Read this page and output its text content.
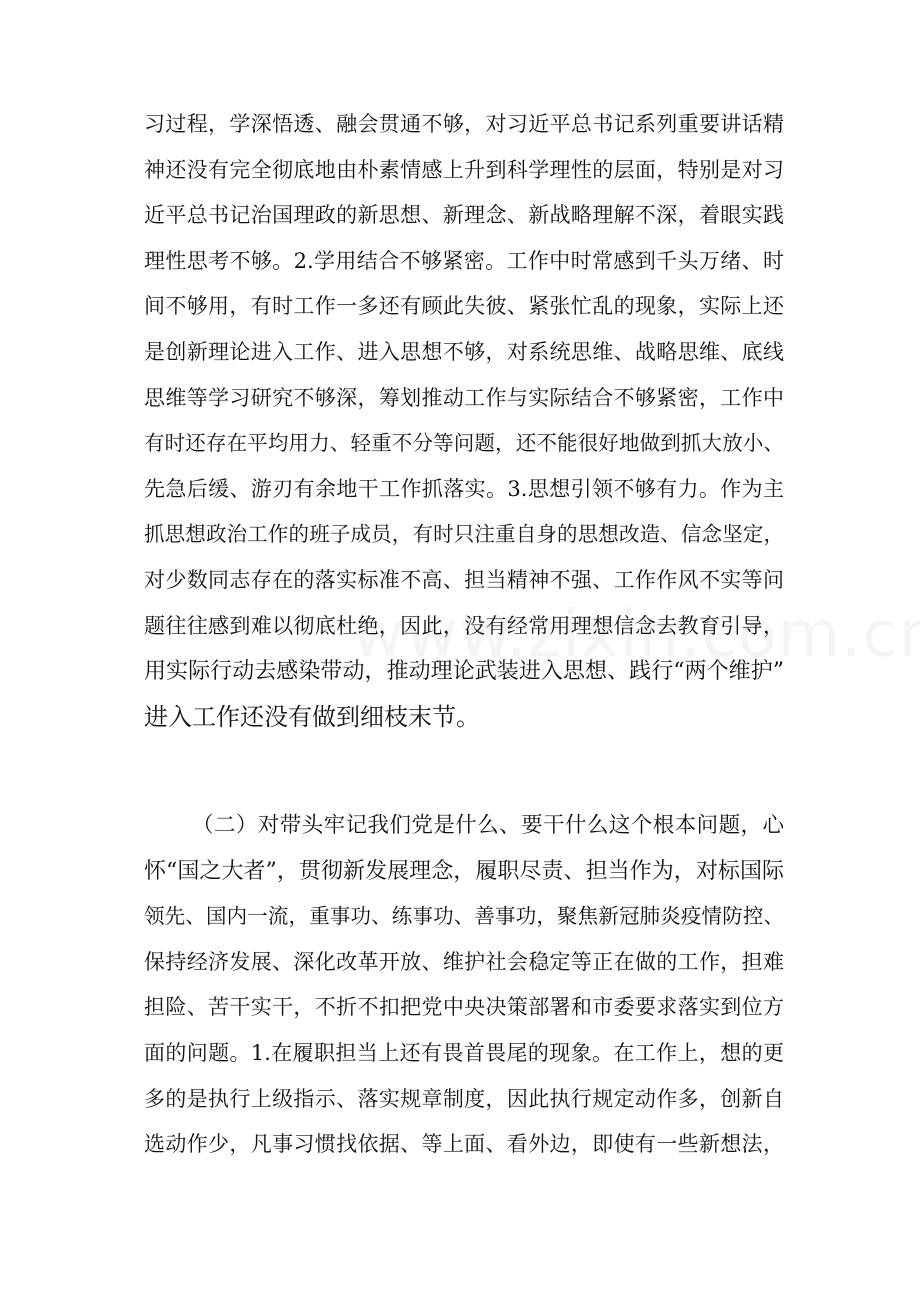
习过程，学深悟透、融会贯通不够，对习近平总书记系列重要讲话精
神还没有完全彻底地由朴素情感上升到科学理性的层面，特别是对习
近平总书记治国理政的新思想、新理念、新战略理解不深，着眼实践
理性思考不够。2.学用结合不够紧密。工作中时常感到千头万绪、时
间不够用，有时工作一多还有顾此失彼、紧张忙乱的现象，实际上还
是创新理论进入工作、进入思想不够，对系统思维、战略思维、底线
思维等学习研究不够深，筹划推动工作与实际结合不够紧密，工作中
有时还存在平均用力、轻重不分等问题，还不能很好地做到抓大放小、
先急后缓、游刃有余地干工作抓落实。3.思想引领不够有力。作为主
抓思想政治工作的班子成员，有时只注重自身的思想改造、信念坚定，
对少数同志存在的落实标准不高、担当精神不强、工作作风不实等问
题往往感到难以彻底杜绝，因此，没有经常用理想信念去教育引导，
用实际行动去感染带动，推动理论武装进入思想、践行“两个维护”
进入工作还没有做到细枝末节。
（二）对带头牢记我们党是什么、要干什么这个根本问题，心
怀“国之大者”，贯彻新发展理念，履职尽责、担当作为，对标国际
领先、国内一流，重事功、练事功、善事功，聚焦新冠肺炎疫情防控、
保持经济发展、深化改革开放、维护社会稳定等正在做的工作，担难
担险、苦干实干，不折不扣把党中央决策部署和市委要求落实到位方
面的问题。1.在履职担当上还有畏首畏尾的现象。在工作上，想的更
多的是执行上级指示、落实规章制度，因此执行规定动作多，创新自
选动作少，凡事习惯找依据、等上面、看外边，即使有一些新想法，
